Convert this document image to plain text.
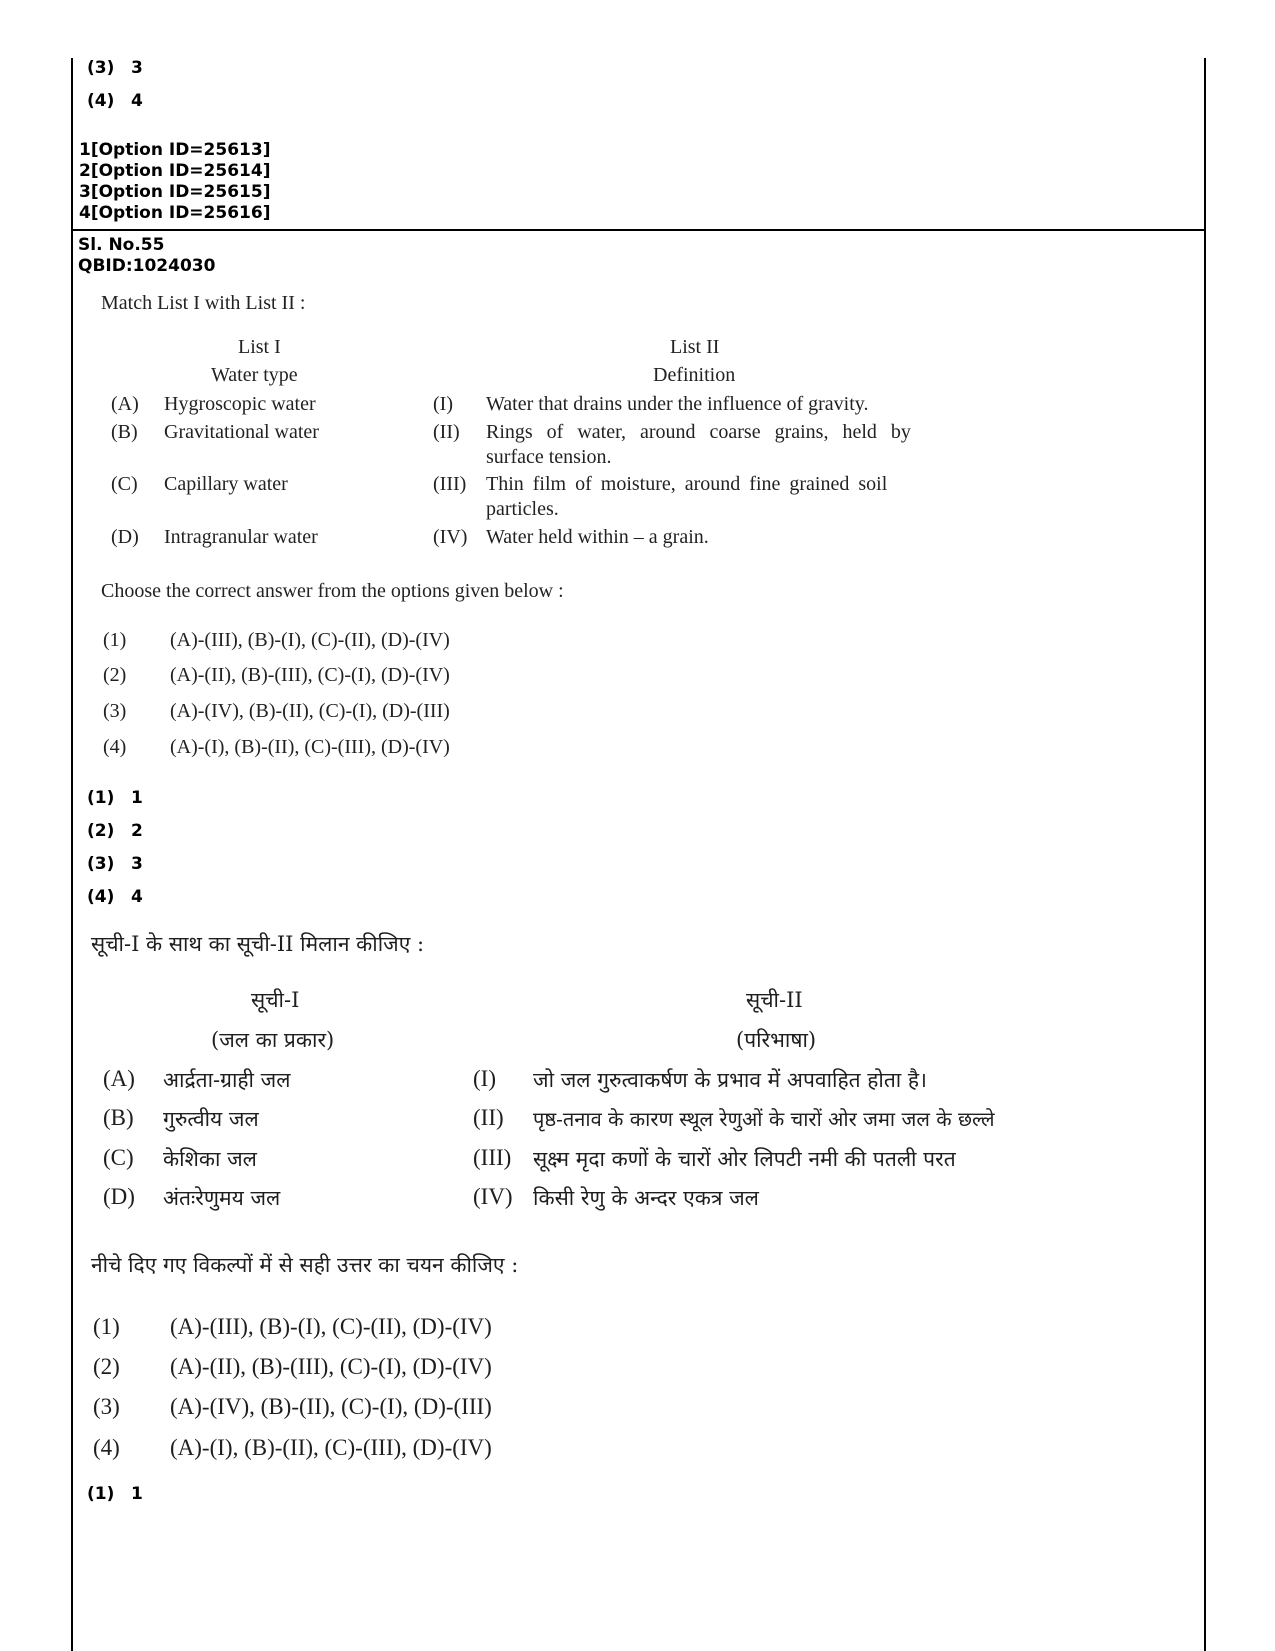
(3) 3
(4) 4
1[Option ID=25613]
2[Option ID=25614]
3[Option ID=25615]
4[Option ID=25616]
Sl. No.55
QBID:1024030
Match List I with List II :
List I
Water type
List II
Definition
(A) Hygroscopic water	(I) Water that drains under the influence of gravity.
(B) Gravitational water	(II) Rings of water, around coarse grains, held by
surface tension.
(C) Capillary water	(III) Thin film of moisture, around fine grained soil
particles.
(D) Intragranular water	(IV) Water held within – a grain.
Choose the correct answer from the options given below :
(1) (A)-(III), (B)-(I), (C)-(II), (D)-(IV)
(2) (A)-(II), (B)-(III), (C)-(I), (D)-(IV)
(3) (A)-(IV), (B)-(II), (C)-(I), (D)-(III)
(4) (A)-(I), (B)-(II), (C)-(III), (D)-(IV)
(1) 1
(2) 2
(3) 3
(4) 4
सूची-I के साथ का सूची-II मिलान कीजिए :
सूची-I
(जल का प्रकार)
सूची-II
(परिभाषा)
(A) आर्द्रता-ग्राही जल	(I) जो जल गुरुत्वाकर्षण के प्रभाव में अपवाहित होता है।
(B) गुरुत्वीय जल	(II) पृष्ठ-तनाव के कारण स्थूल रेणुओं के चारों ओर जमा जल के छल्ले
(C) केशिका जल	(III) सूक्ष्म मृदा कणों के चारों ओर लिपटी नमी की पतली परत
(D) अंतःरेणुमय जल	(IV) किसी रेणु के अन्दर एकत्र जल
नीचे दिए गए विकल्पों में से सही उत्तर का चयन कीजिए :
(1) (A)-(III), (B)-(I), (C)-(II), (D)-(IV)
(2) (A)-(II), (B)-(III), (C)-(I), (D)-(IV)
(3) (A)-(IV), (B)-(II), (C)-(I), (D)-(III)
(4) (A)-(I), (B)-(II), (C)-(III), (D)-(IV)
(1) 1
